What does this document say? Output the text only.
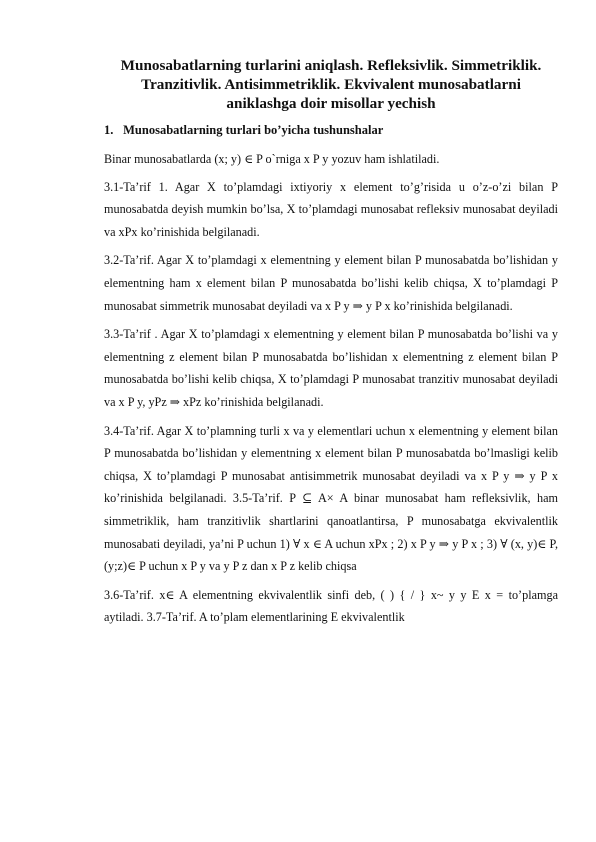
Munosabatlarning turlarini aniqlash. Refleksivlik. Simmetriklik. Tranzitivlik. Antisimmetriklik. Ekvivalent munosabatlarni aniklashga doir misollar yechish
1. Munosabatlarning turlari bo’yicha tushunshalar

Binar munosabatlarda (x; y) ∈ P o`rniga x P y yozuv ham ishlatiladi.

3.1-Ta’rif 1. Agar X to’plamdagi ixtiyoriy x element to’g’risida u o’z-o’zi bilan P munosabatda deyish mumkin bo’lsa, X to’plamdagi munosabat refleksiv munosabat deyiladi va xPx ko’rinishida belgilanadi.

3.2-Ta’rif. Agar X to’plamdagi x elementning y element bilan P munosabatda bo’lishidan y elementning ham x element bilan P munosabatda bo’lishi kelib chiqsa, X to’plamdagi P munosabat simmetrik munosabat deyiladi va x P y ⇒ y P x ko’rinishida belgilanadi.

3.3-Ta’rif . Agar X to’plamdagi x elementning y element bilan P munosabatda bo’lishi va y elementning z element bilan P munosabatda bo’lishidan x elementning z element bilan P munosabatda bo’lishi kelib chiqsa, X to’plamdagi P munosabat tranzitiv munosabat deyiladi va x P y, yPz ⇒ xPz ko’rinishida belgilanadi.

3.4-Ta’rif. Agar X to’plamning turli x va y elementlari uchun x elementning y element bilan P munosabatda bo’lishidan y elementning x element bilan P munosabatda bo’lmasligi kelib chiqsa, X to’plamdagi P munosabat antisimmetrik munosabat deyiladi va x P y ⇒ y P x ko’rinishida belgilanadi. 3.5-Ta’rif. P ⊆ A× A binar munosabat ham refleksivlik, ham simmetriklik, ham tranzitivlik shartlarini qanoatlantirsa, P munosabatga ekvivalentlik munosabati deyiladi, ya’ni P uchun 1) ∀ x ∈ A uchun xPx ; 2) x P y ⇒ y P x ; 3) ∀ (x, y)∈ P, (y;z)∈ P uchun x P y va y P z dan x P z kelib chiqsa

3.6-Ta’rif. x∈ A elementning ekvivalentlik sinfi deb, ( ) { / } x~ y y E x = to’plamga aytiladi. 3.7-Ta’rif. A to’plam elementlarining E ekvivalentlik
